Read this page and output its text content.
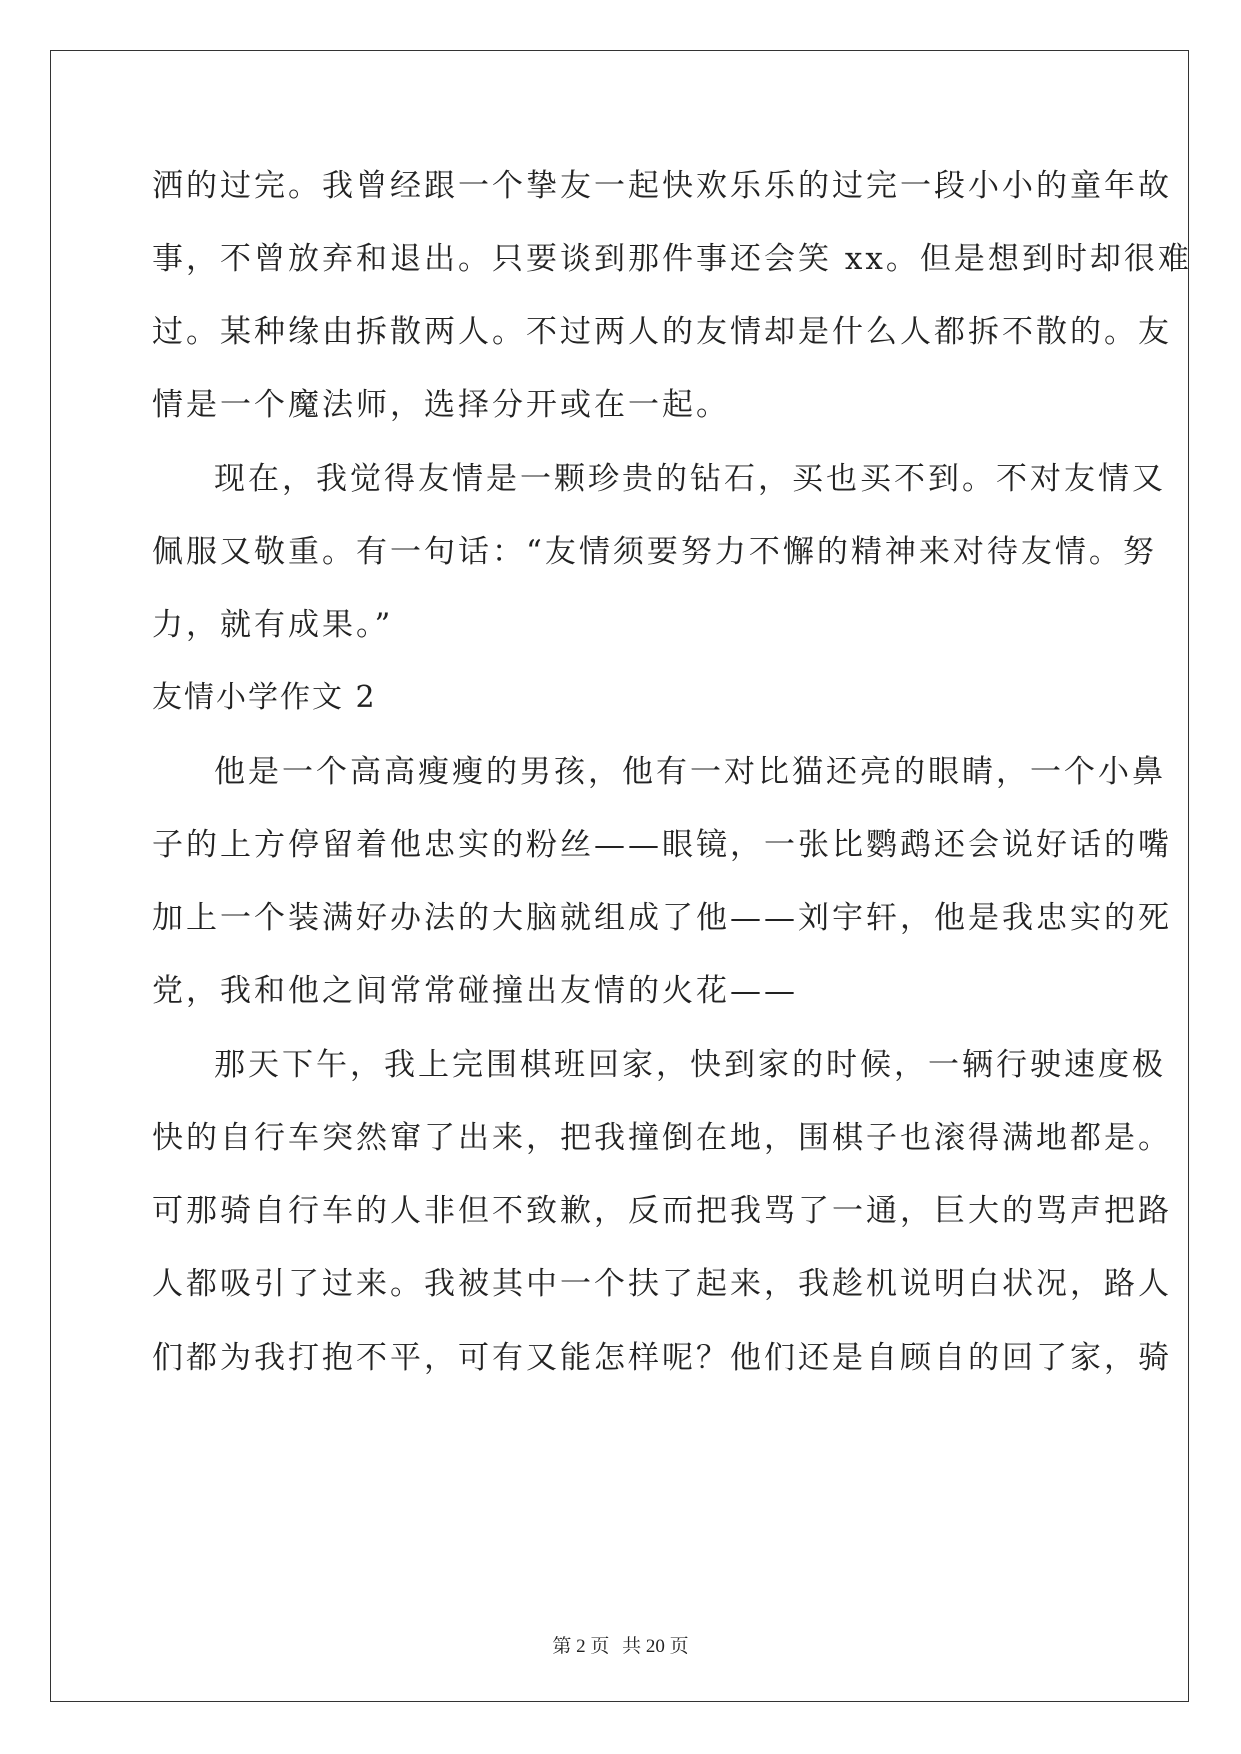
洒的过完。我曾经跟一个挚友一起快欢乐乐的过完一段小小的童年故
事，不曾放弃和退出。只要谈到那件事还会笑 xx。但是想到时却很难
过。某种缘由拆散两人。不过两人的友情却是什么人都拆不散的。友
情是一个魔法师，选择分开或在一起。
现在，我觉得友情是一颗珍贵的钻石，买也买不到。不对友情又
佩服又敬重。有一句话：“友情须要努力不懈的精神来对待友情。努
力，就有成果。”
友情小学作文 2
他是一个高高瘦瘦的男孩，他有一对比猫还亮的眼睛，一个小鼻
子的上方停留着他忠实的粉丝——眼镜，一张比鹦鹉还会说好话的嘴
加上一个装满好办法的大脑就组成了他——刘宇轩，他是我忠实的死
党，我和他之间常常碰撞出友情的火花——
那天下午，我上完围棋班回家，快到家的时候，一辆行驶速度极
快的自行车突然窜了出来，把我撞倒在地，围棋子也滚得满地都是。
可那骑自行车的人非但不致歉，反而把我骂了一通，巨大的骂声把路
人都吸引了过来。我被其中一个扶了起来，我趁机说明白状况，路人
们都为我打抱不平，可有又能怎样呢？他们还是自顾自的回了家，骑
第 2 页 共 20 页
